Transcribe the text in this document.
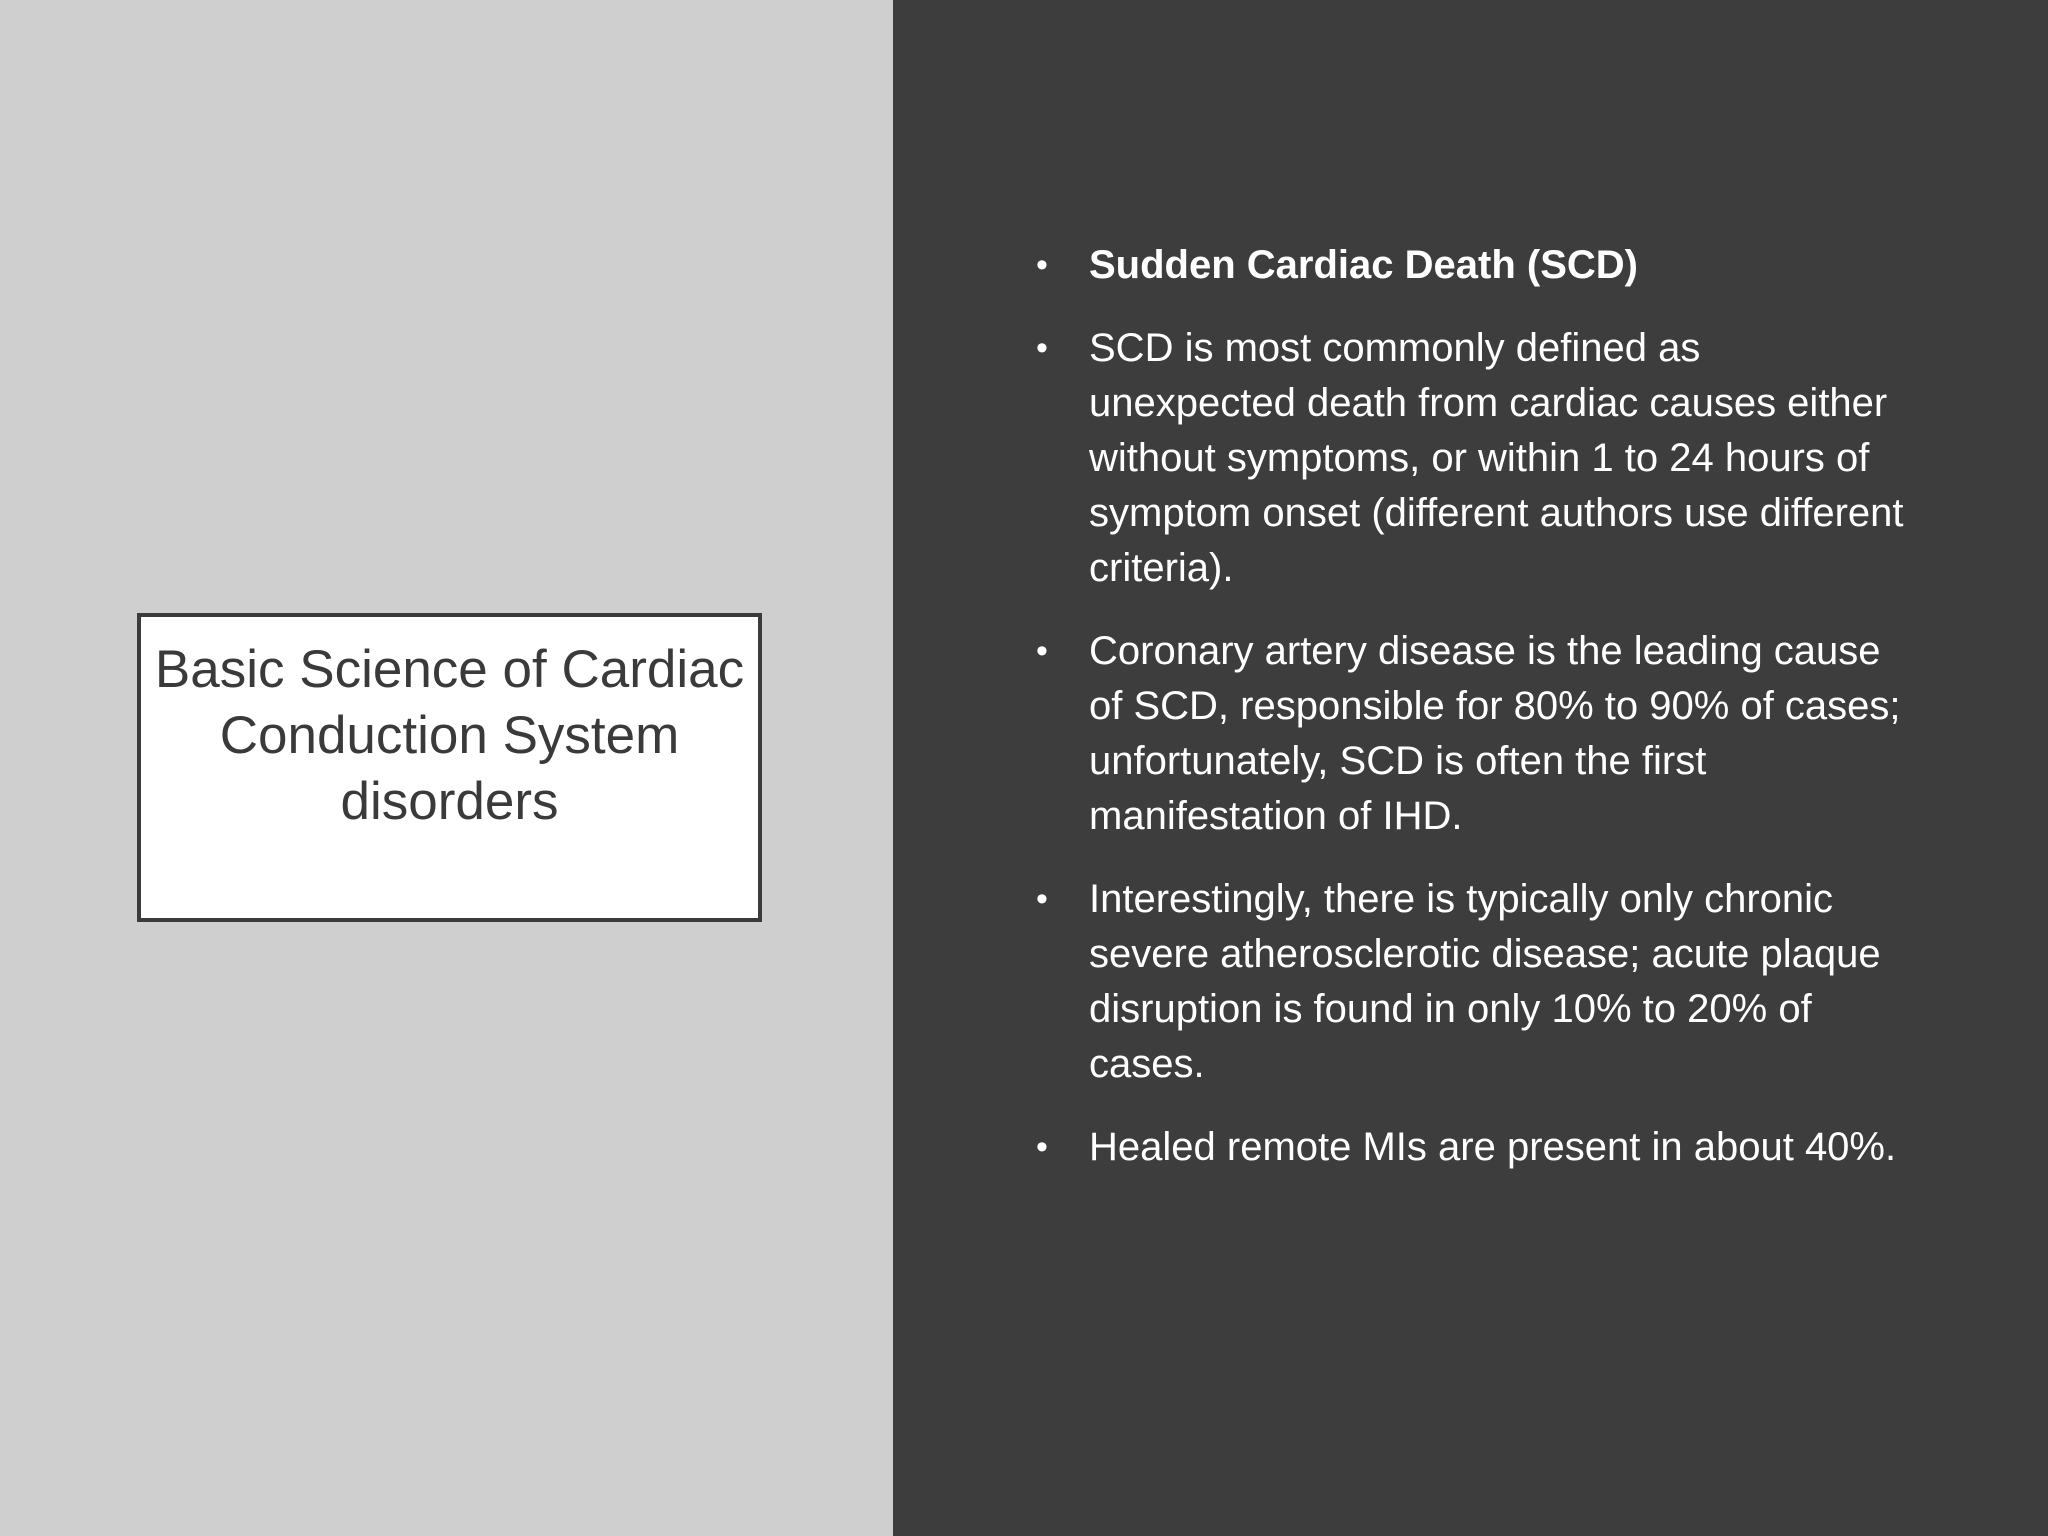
Basic Science of Cardiac Conduction System disorders
• Sudden Cardiac Death (SCD)
• SCD is most commonly defined as unexpected death from cardiac causes either without symptoms, or within 1 to 24 hours of symptom onset (different authors use different criteria).
• Coronary artery disease is the leading cause of SCD, responsible for 80% to 90% of cases; unfortunately, SCD is often the first manifestation of IHD.
• Interestingly, there is typically only chronic severe atherosclerotic disease; acute plaque disruption is found in only 10% to 20% of cases.
• Healed remote MIs are present in about 40%.
